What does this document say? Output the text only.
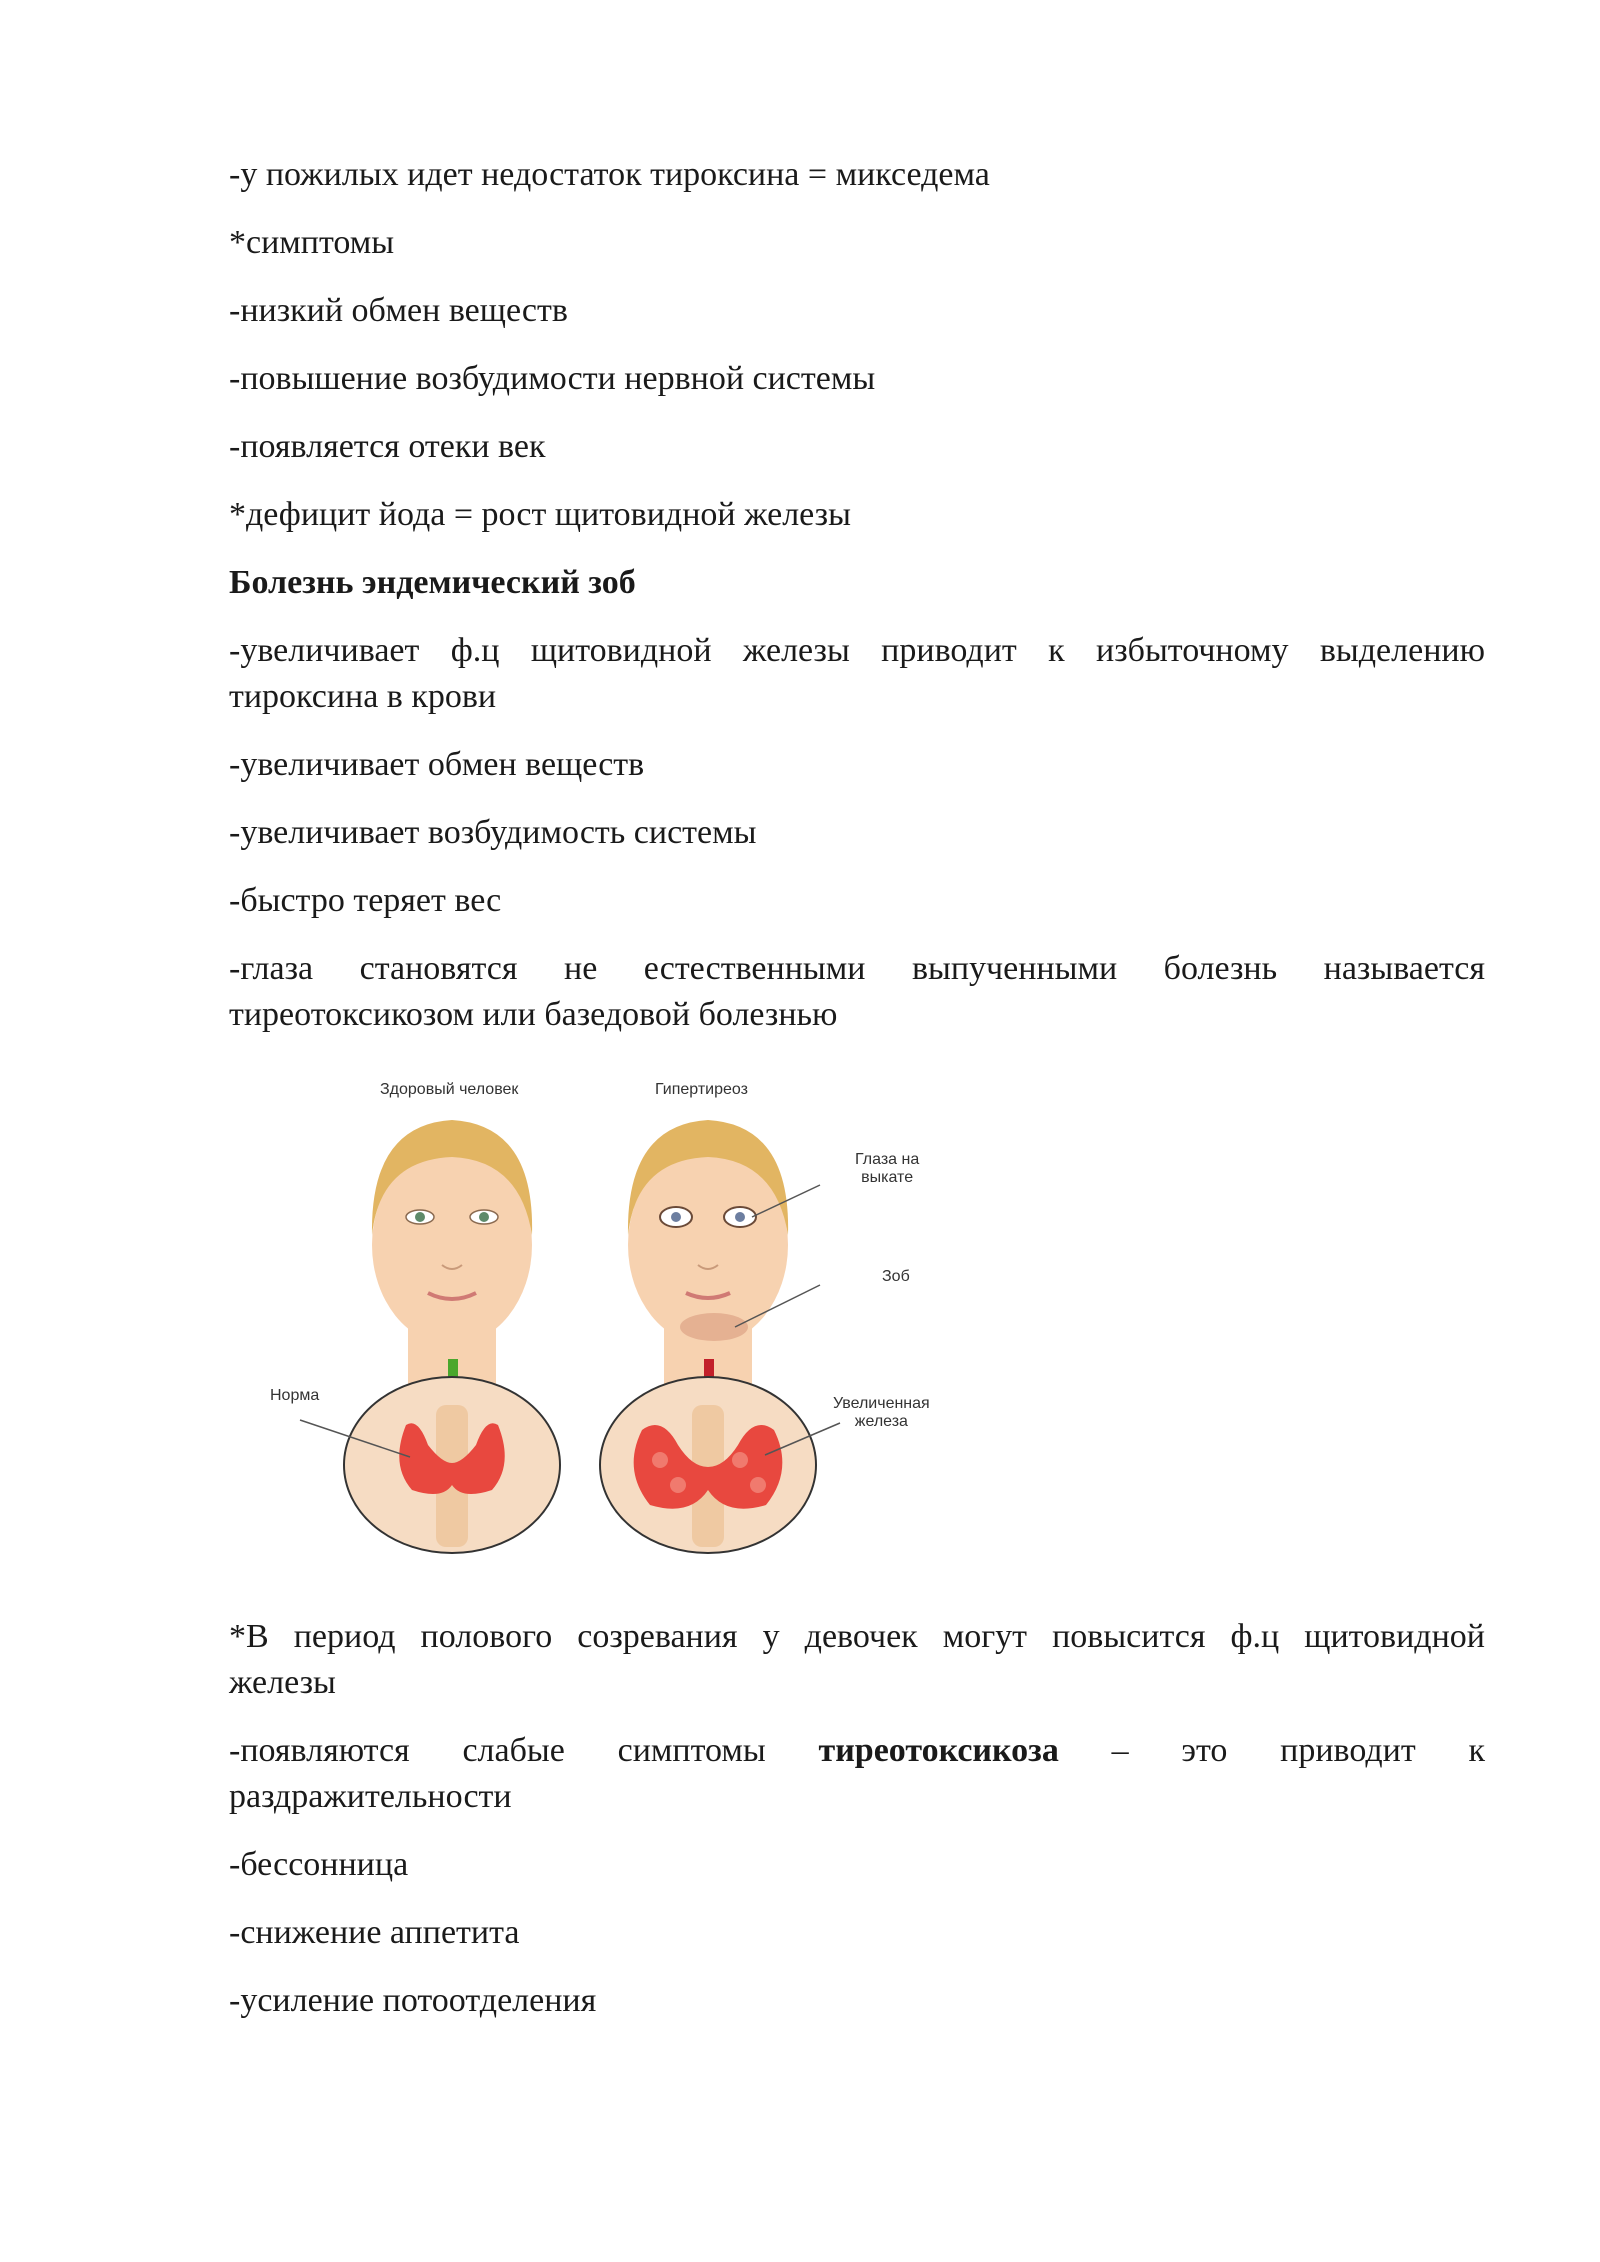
-у пожилых идет недостаток тироксина = микседема
*симптомы
-низкий обмен веществ
-повышение возбудимости нервной системы
-появляется отеки век
*дефицит йода = рост щитовидной железы
Болезнь эндемический зоб
-увеличивает ф.ц щитовидной железы приводит к избыточному выделению
тироксина в крови
-увеличивает обмен веществ
-увеличивает возбудимость системы
-быстро теряет вес
-глаза становятся не естественными выпученными болезнь называется
тиреотоксикозом или базедовой болезнью
Здоровый человек	Гипертиреоз
Глаза на
выкате
Зоб
Норма	Увеличенная
железа
*В период полового созревания у девочек могут повысится ф.ц щитовидной
железы
-появляются слабые симптомы тиреотоксикоза – это приводит к
раздражительности
-бессонница
-снижение аппетита
-усиление потоотделения
